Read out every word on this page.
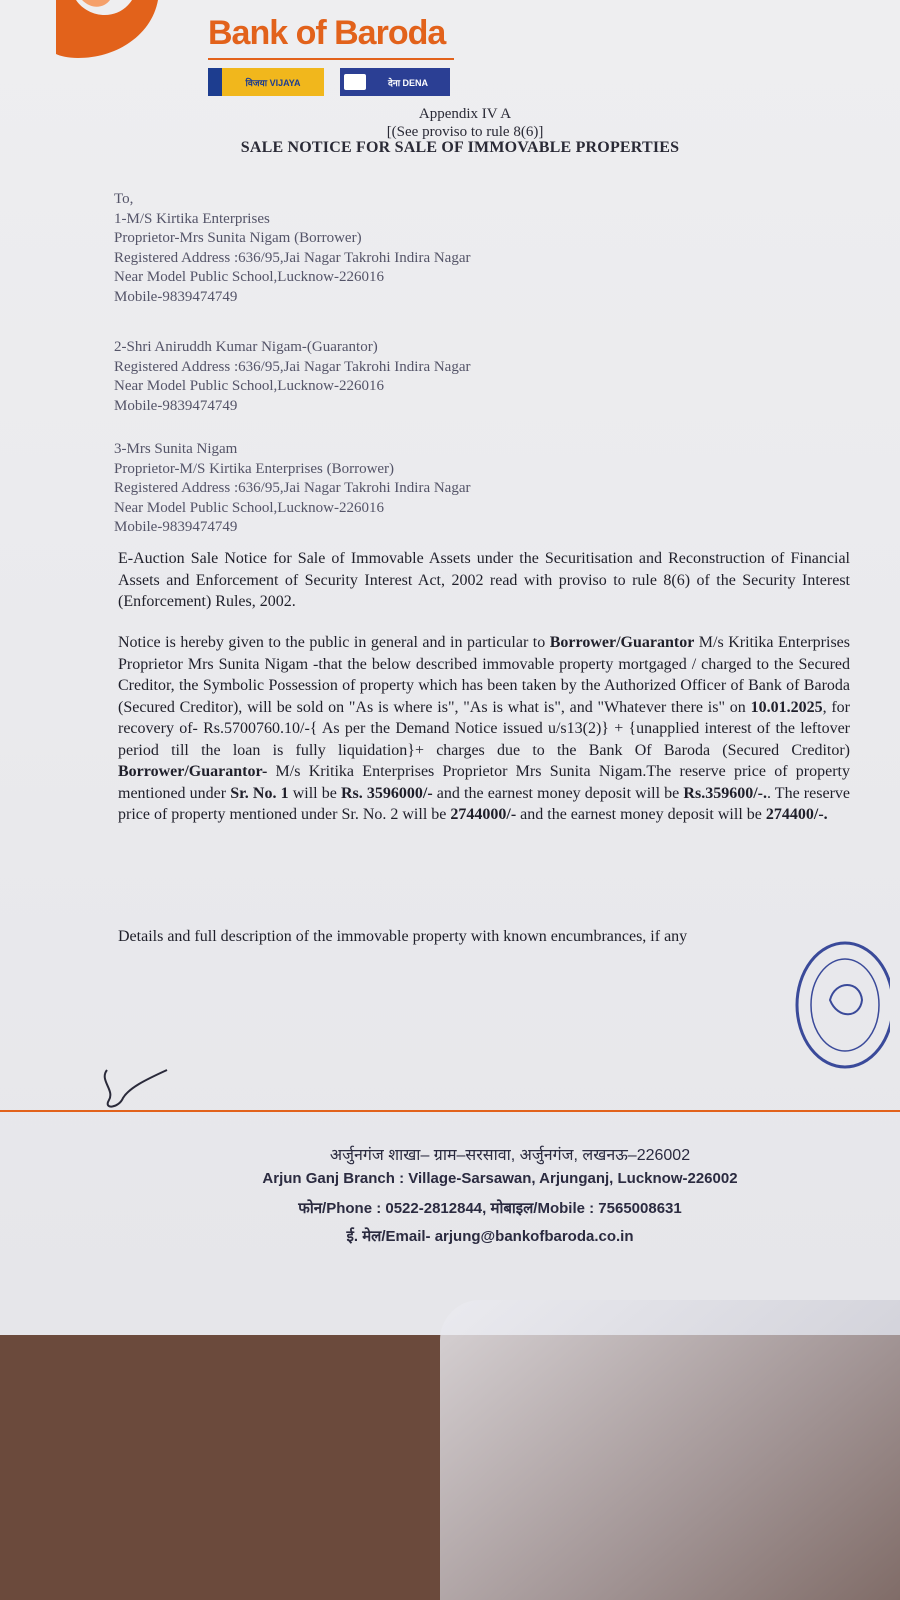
Bank of Baroda
विजया VIJAYA	देना DENA
Appendix IV A
[(See proviso to rule 8(6)]
SALE NOTICE FOR SALE OF IMMOVABLE PROPERTIES
To,
1-M/S Kirtika Enterprises
Proprietor-Mrs Sunita Nigam (Borrower)
Registered Address :636/95,Jai Nagar Takrohi Indira Nagar
Near Model Public School,Lucknow-226016
Mobile-9839474749
2-Shri Aniruddh Kumar Nigam-(Guarantor)
Registered Address :636/95,Jai Nagar Takrohi Indira Nagar
Near Model Public School,Lucknow-226016
Mobile-9839474749
3-Mrs Sunita Nigam
Proprietor-M/S Kirtika Enterprises (Borrower)
Registered Address :636/95,Jai Nagar Takrohi Indira Nagar
Near Model Public School,Lucknow-226016
Mobile-9839474749
E-Auction Sale Notice for Sale of Immovable Assets under the Securitisation and Reconstruction of Financial Assets and Enforcement of Security Interest Act, 2002 read with proviso to rule 8(6) of the Security Interest (Enforcement) Rules, 2002.
Notice is hereby given to the public in general and in particular to Borrower/Guarantor M/s Kritika Enterprises Proprietor Mrs Sunita Nigam -that the below described immovable property mortgaged / charged to the Secured Creditor, the Symbolic Possession of property which has been taken by the Authorized Officer of Bank of Baroda (Secured Creditor), will be sold on "As is where is", "As is what is", and "Whatever there is" on 10.01.2025, for recovery of- Rs.5700760.10/-{ As per the Demand Notice issued u/s13(2)} + {unapplied interest of the leftover period till the loan is fully liquidation}+ charges due to the Bank Of Baroda (Secured Creditor) Borrower/Guarantor- M/s Kritika Enterprises Proprietor Mrs Sunita Nigam.The reserve price of property mentioned under Sr. No. 1 will be Rs. 3596000/- and the earnest money deposit will be Rs.359600/-.. The reserve price of property mentioned under Sr. No. 2 will be 2744000/- and the earnest money deposit will be 274400/-.
Details and full description of the immovable property with known encumbrances, if any
अर्जुनगंज शाखा– ग्राम–सरसावा, अर्जुनगंज, लखनऊ–226002
Arjun Ganj Branch : Village-Sarsawan, Arjunganj, Lucknow-226002
फोन/Phone : 0522-2812844, मोबाइल/Mobile : 7565008631
ई. मेल/Email- arjung@bankofbaroda.co.in
